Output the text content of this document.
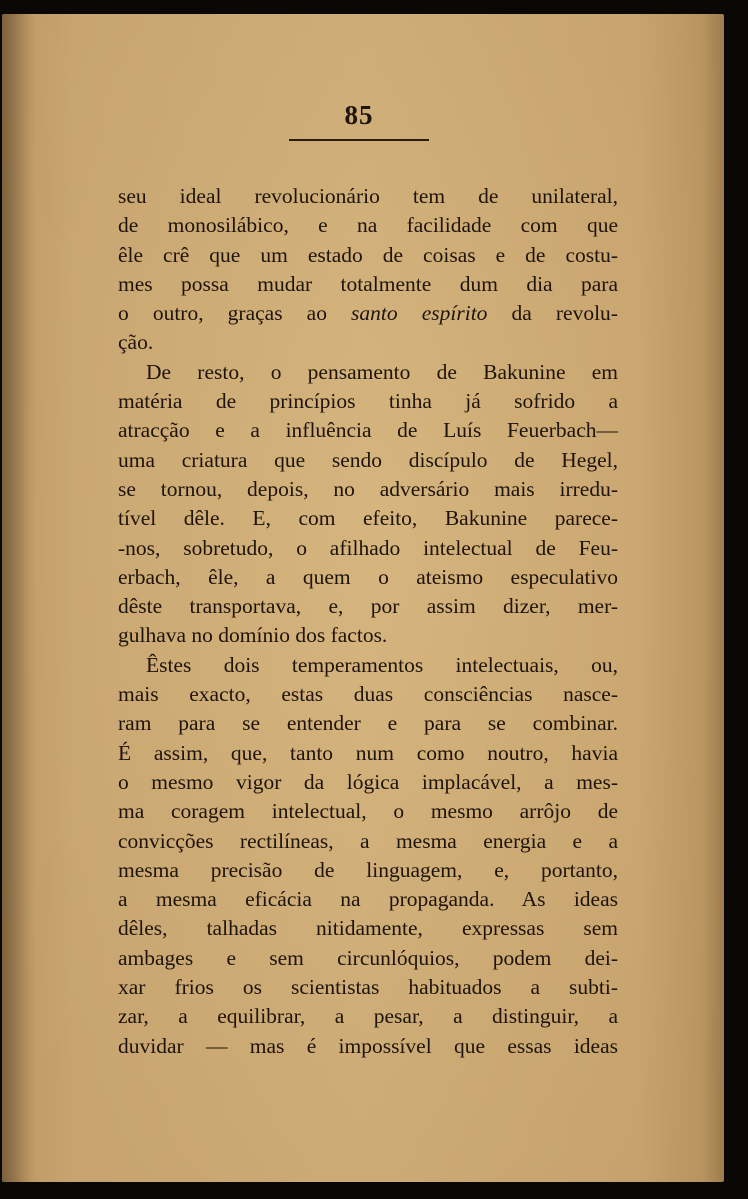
85
seu ideal revolucionário tem de unilateral,
de monosilábico, e na facilidade com que
êle crê que um estado de coisas e de costu-
mes possa mudar totalmente dum dia para
o outro, graças ao santo espírito da revolu-
ção.
De resto, o pensamento de Bakunine em
matéria de princípios tinha já sofrido a
atracção e a influência de Luís Feuerbach—
uma criatura que sendo discípulo de Hegel,
se tornou, depois, no adversário mais irredu-
tível dêle. E, com efeito, Bakunine parece-
-nos, sobretudo, o afilhado intelectual de Feu-
erbach, êle, a quem o ateismo especulativo
dêste transportava, e, por assim dizer, mer-
gulhava no domínio dos factos.
Êstes dois temperamentos intelectuais, ou,
mais exacto, estas duas consciências nasce-
ram para se entender e para se combinar.
É assim, que, tanto num como noutro, havia
o mesmo vigor da lógica implacável, a mes-
ma coragem intelectual, o mesmo arrôjo de
convicções rectilíneas, a mesma energia e a
mesma precisão de linguagem, e, portanto,
a mesma eficácia na propaganda. As ideas
dêles, talhadas nitidamente, expressas sem
ambages e sem circunlóquios, podem dei-
xar frios os scientistas habituados a subti-
zar, a equilibrar, a pesar, a distinguir, a
duvidar — mas é impossível que essas ideas
